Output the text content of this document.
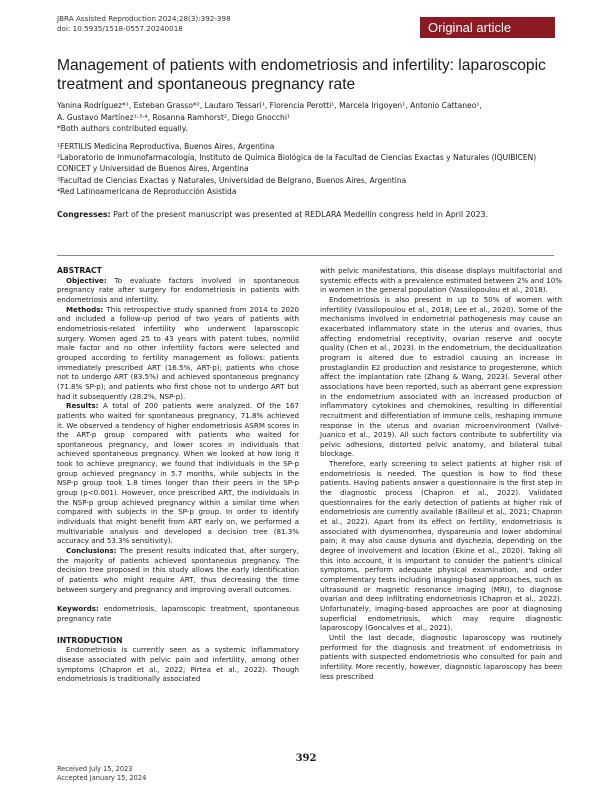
JBRA Assisted Reproduction 2024;28(3):392-398
doi: 10.5935/1518-0557.20240018	Original article
Management of patients with endometriosis and infertility: laparoscopic treatment and spontaneous pregnancy rate
Yanina Rodríguez*¹, Esteban Grasso*², Lautaro Tessari¹, Florencia Perotti¹, Marcela Irigoyen¹, Antonio Cattaneo¹,
A. Gustavo Martínez¹·³·⁴, Rosanna Ramhorst², Diego Gnocchi¹
*Both authors contributed equally.
¹FERTILIS Medicina Reproductiva, Buenos Aires, Argentina
²Laboratorio de Inmunofarmacología, Instituto de Química Biológica de la Facultad de Ciencias Exactas y Naturales (IQUIBICEN) CONICET y Universidad de Buenos Aires, Argentina
³Facultad de Ciencias Exactas y Naturales, Universidad de Belgrano, Buenos Aires, Argentina
⁴Red Latinoamericana de Reproducción Asistida
Congresses: Part of the present manuscript was presented at REDLARA Medellín congress held in April 2023.

ABSTRACT

Objective: To evaluate factors involved in spontaneous pregnancy rate after surgery for endometriosis in patients with endometriosis and infertility.

Methods: This retrospective study spanned from 2014 to 2020 and included a follow-up period of two years of patients with endometriosis-related infertility who underwent laparoscopic surgery. Women aged 25 to 43 years with patent tubes, no/mild male factor and no other infertility factors were selected and grouped according to fertility management as follows: patients immediately prescribed ART (16.5%, ART-p); patients who chose not to undergo ART (83.5%) and achieved spontaneous pregnancy (71.8% SP-p); and patients who first chose not to undergo ART but had it subsequently (28.2%, NSP-p).

Results: A total of 200 patients were analyzed. Of the 167 patients who waited for spontaneous pregnancy, 71.8% achieved it. We observed a tendency of higher endometriosis ASRM scores in the ART-p group compared with patients who waited for spontaneous pregnancy, and lower scores in individuals that achieved spontaneous pregnancy. When we looked at how long it took to achieve pregnancy, we found that individuals in the SP-p group achieved pregnancy in 5.7 months, while subjects in the NSP-p group took 1.8 times longer than their peers in the SP-p group (p<0.001). However, once prescribed ART, the individuals in the NSP-p group achieved pregnancy within a similar time when compared with subjects in the SP-p group. In order to identify individuals that might benefit from ART early on, we performed a multivariable analysis and developed a decision tree (81.3% accuracy and 53.3% sensitivity).

Conclusions: The present results indicated that, after surgery, the majority of patients achieved spontaneous pregnancy. The decision tree proposed in this study allows the early identification of patients who might require ART, thus decreasing the time between surgery and pregnancy and improving overall outcomes.

Keywords: endometriosis, laparoscopic treatment, spontaneous pregnancy rate

INTRODUCTION

Endometriosis is currently seen as a systemic inflammatory disease associated with pelvic pain and infertility, among other symptoms (Chapron et al., 2022; Pirtea et al., 2022). Though endometriosis is traditionally associated

with pelvic manifestations, this disease displays multifactorial and systemic effects with a prevalence estimated between 2% and 10% in women in the general population (Vassilopoulou et al., 2018).

Endometriosis is also present in up to 50% of women with infertility (Vassilopoulou et al., 2018; Lee et al., 2020). Some of the mechanisms involved in endometrial pathogenesis may cause an exacerbated inflammatory state in the uterus and ovaries, thus affecting endometrial receptivity, ovarian reserve and oocyte quality (Chen et al., 2023). In the endometrium, the decidualization program is altered due to estradiol causing an increase in prostaglandin E2 production and resistance to progesterone, which affect the implantation rate (Zhang & Wang, 2023). Several other associations have been reported, such as aberrant gene expression in the endometrium associated with an increased production of inflammatory cytokines and chemokines, resulting in differential recruitment and differentiation of immune cells, reshaping immune response in the uterus and ovarian microenvironment (Vallvé-Juanico et al., 2019). All such factors contribute to subfertility via pelvic adhesions, distorted pelvic anatomy, and bilateral tubal blockage.

Therefore, early screening to select patients at higher risk of endometriosis is needed. The question is how to find these patients. Having patients answer a questionnaire is the first step in the diagnostic process (Chapron et al., 2022). Validated questionnaires for the early detection of patients at higher risk of endometriosis are currently available (Bailleul et al., 2021; Chapron et al., 2022). Apart from its effect on fertility, endometriosis is associated with dysmenorrhea, dyspareunia and lower abdominal pain; it may also cause dysuria and dyschezia, depending on the degree of involvement and location (Ekine et al., 2020). Taking all this into account, it is important to consider the patient's clinical symptoms, perform adequate physical examination, and order complementary tests including imaging-based approaches, such as ultrasound or magnetic resonance imaging (MRI), to diagnose ovarian and deep infiltrating endometriosis (Chapron et al., 2022). Unfortunately, imaging-based approaches are poor at diagnosing superficial endometriosis, which may require diagnostic laparoscopy (Goncalves et al., 2021).

Until the last decade, diagnostic laparoscopy was routinely performed for the diagnosis and treatment of endometriosis in patients with suspected endometriosis who consulted for pain and infertility. More recently, however, diagnostic laparoscopy has been less prescribed

392
Received July 15, 2023
Accepted January 15, 2024
